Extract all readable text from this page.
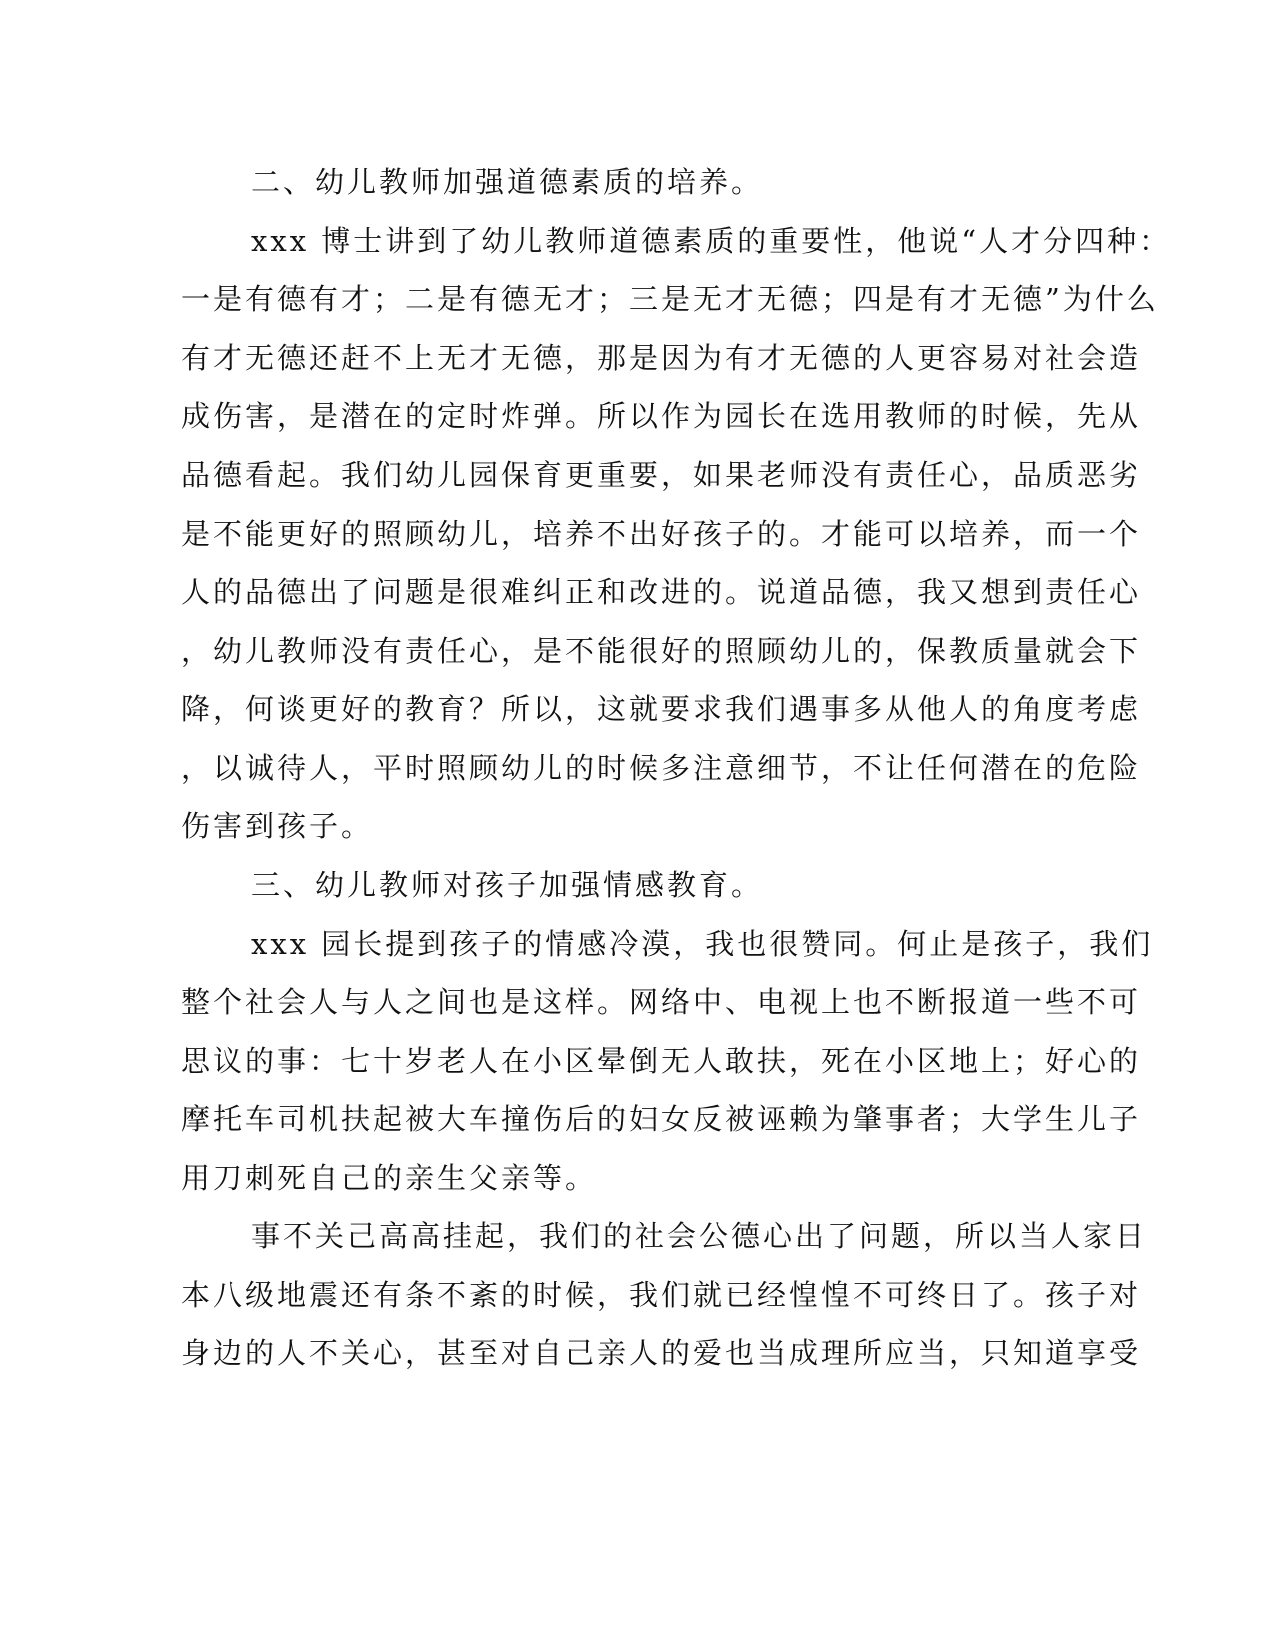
二、幼儿教师加强道德素质的培养。
xxx 博士讲到了幼儿教师道德素质的重要性，他说“人才分四种：
一是有德有才；二是有德无才；三是无才无德；四是有才无德”为什么
有才无德还赶不上无才无德，那是因为有才无德的人更容易对社会造
成伤害，是潜在的定时炸弹。所以作为园长在选用教师的时候，先从
品德看起。我们幼儿园保育更重要，如果老师没有责任心，品质恶劣
是不能更好的照顾幼儿，培养不出好孩子的。才能可以培养，而一个
人的品德出了问题是很难纠正和改进的。说道品德，我又想到责任心
，幼儿教师没有责任心，是不能很好的照顾幼儿的，保教质量就会下
降，何谈更好的教育？所以，这就要求我们遇事多从他人的角度考虑
，以诚待人，平时照顾幼儿的时候多注意细节，不让任何潜在的危险
伤害到孩子。
三、幼儿教师对孩子加强情感教育。
xxx 园长提到孩子的情感冷漠，我也很赞同。何止是孩子，我们
整个社会人与人之间也是这样。网络中、电视上也不断报道一些不可
思议的事：七十岁老人在小区晕倒无人敢扶，死在小区地上；好心的
摩托车司机扶起被大车撞伤后的妇女反被诬赖为肇事者；大学生儿子
用刀刺死自己的亲生父亲等。
事不关己高高挂起，我们的社会公德心出了问题，所以当人家日
本八级地震还有条不紊的时候，我们就已经惶惶不可终日了。孩子对
身边的人不关心，甚至对自己亲人的爱也当成理所应当，只知道享受
